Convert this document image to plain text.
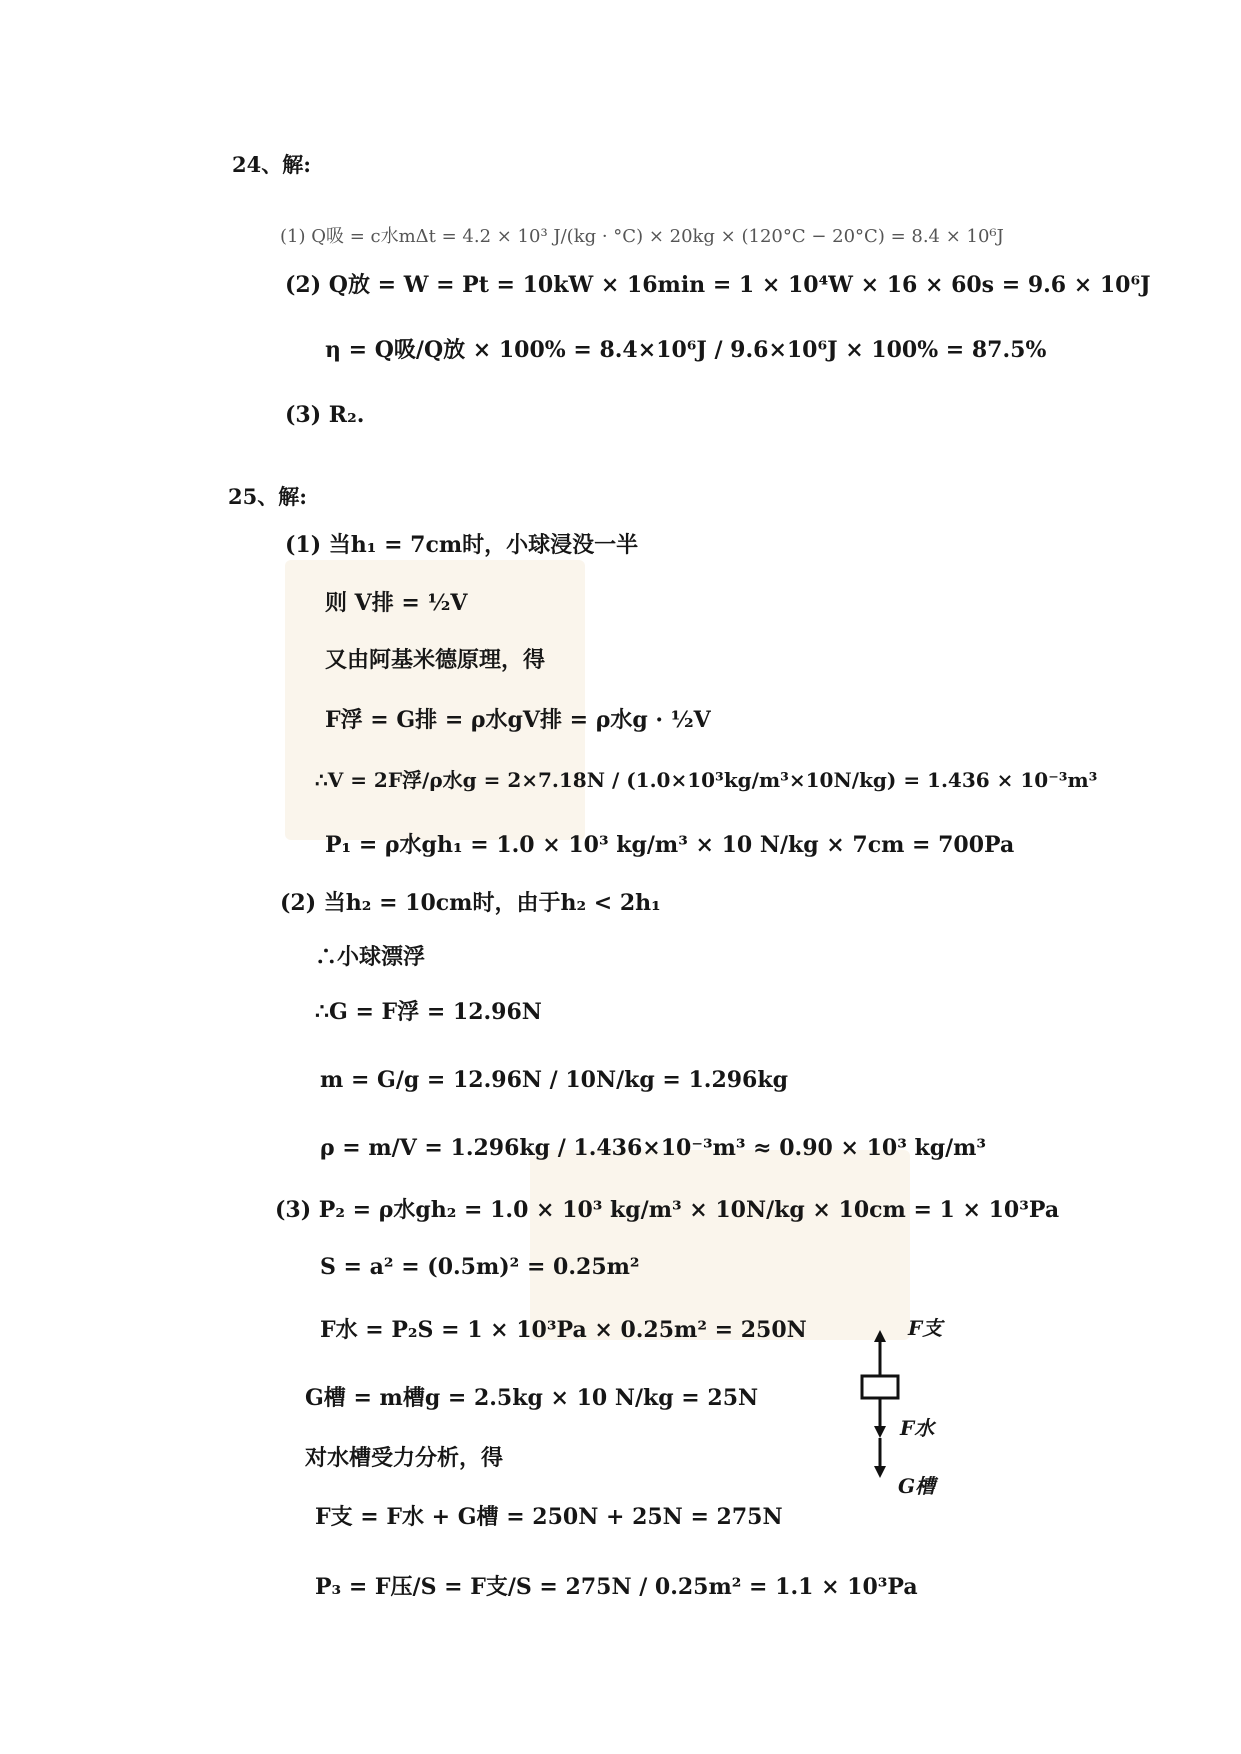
24、解:
(1) Q吸 = c水mΔt = 4.2 × 10³ J/(kg · °C) × 20kg × (120°C − 20°C) = 8.4 × 10⁶J
(2) Q放 = W = Pt = 10kW × 16min = 1 × 10⁴W × 16 × 60s = 9.6 × 10⁶J
η = Q吸/Q放 × 100% = 8.4×10⁶J / 9.6×10⁶J × 100% = 87.5%
(3) R₂.
25、解:
(1) 当h₁ = 7cm时，小球浸没一半
则 V排 = ½V
又由阿基米德原理，得
F浮 = G排 = ρ水gV排 = ρ水g · ½V
∴V = 2F浮/ρ水g = 2×7.18N / (1.0×10³kg/m³×10N/kg) = 1.436 × 10⁻³m³
P₁ = ρ水gh₁ = 1.0 × 10³ kg/m³ × 10 N/kg × 7cm = 700Pa
(2) 当h₂ = 10cm时，由于h₂ < 2h₁
∴小球漂浮
∴G = F浮 = 12.96N
m = G/g = 12.96N / 10N/kg = 1.296kg
ρ = m/V = 1.296kg / 1.436×10⁻³m³ ≈ 0.90 × 10³ kg/m³
(3) P₂ = ρ水gh₂ = 1.0 × 10³ kg/m³ × 10N/kg × 10cm = 1 × 10³Pa
S = a² = (0.5m)² = 0.25m²
F水 = P₂S = 1 × 10³Pa × 0.25m² = 250N
G槽 = m槽g = 2.5kg × 10 N/kg = 25N
对水槽受力分析，得
F支 = F水 + G槽 = 250N + 25N = 275N
P₃ = F压/S = F支/S = 275N / 0.25m² = 1.1 × 10³Pa
F支
F水
G槽
